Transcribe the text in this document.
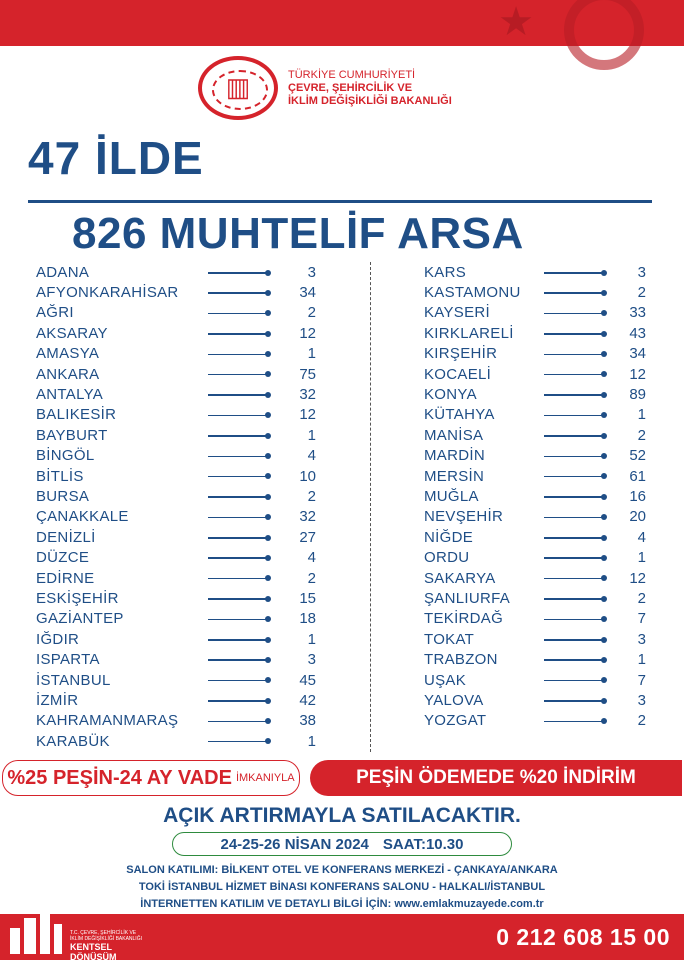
★
▥	TÜRKİYE CUMHURİYETİ
ÇEVRE, ŞEHİRCİLİK VE
İKLİM DEĞİŞİKLİĞİ BAKANLIĞI
47 İLDE
826 MUHTELİF ARSA
ADANA	3
AFYONKARAHİSAR	34
AĞRI	2
AKSARAY	12
AMASYA	1
ANKARA	75
ANTALYA	32
BALIKESİR	12
BAYBURT	1
BİNGÖL	4
BİTLİS	10
BURSA	2
ÇANAKKALE	32
DENİZLİ	27
DÜZCE	4
EDİRNE	2
ESKİŞEHİR	15
GAZİANTEP	18
IĞDIR	1
ISPARTA	3
İSTANBUL	45
İZMİR	42
KAHRAMANMARAŞ	38
KARABÜK	1
KARS	3
KASTAMONU	2
KAYSERİ	33
KIRKLARELİ	43
KIRŞEHİR	34
KOCAELİ	12
KONYA	89
KÜTAHYA	1
MANİSA	2
MARDİN	52
MERSİN	61
MUĞLA	16
NEVŞEHİR	20
NİĞDE	4
ORDU	1
SAKARYA	12
ŞANLIURFA	2
TEKİRDAĞ	7
TOKAT	3
TRABZON	1
UŞAK	7
YALOVA	3
YOZGAT	2
%25 PEŞİN-24 AY VADE İMKANIYLA	PEŞİN ÖDEMEDE %20 İNDİRİM
AÇIK ARTIRMAYLA SATILACAKTIR.
24-25-26 NİSAN 2024 SAAT:10.30
SALON KATILIMI: BİLKENT OTEL VE KONFERANS MERKEZİ - ÇANKAYA/ANKARA
TOKİ İSTANBUL HİZMET BİNASI KONFERANS SALONU - HALKALI/İSTANBUL
İNTERNETTEN KATILIM VE DETAYLI BİLGİ İÇİN: www.emlakmuzayede.com.tr
T.C. ÇEVRE, ŞEHİRCİLİK VE İKLİM DEĞİŞİKLİĞİ BAKANLIĞI
KENTSEL DÖNÜŞÜM
BAŞKANLIĞI
0 212 608 15 00
